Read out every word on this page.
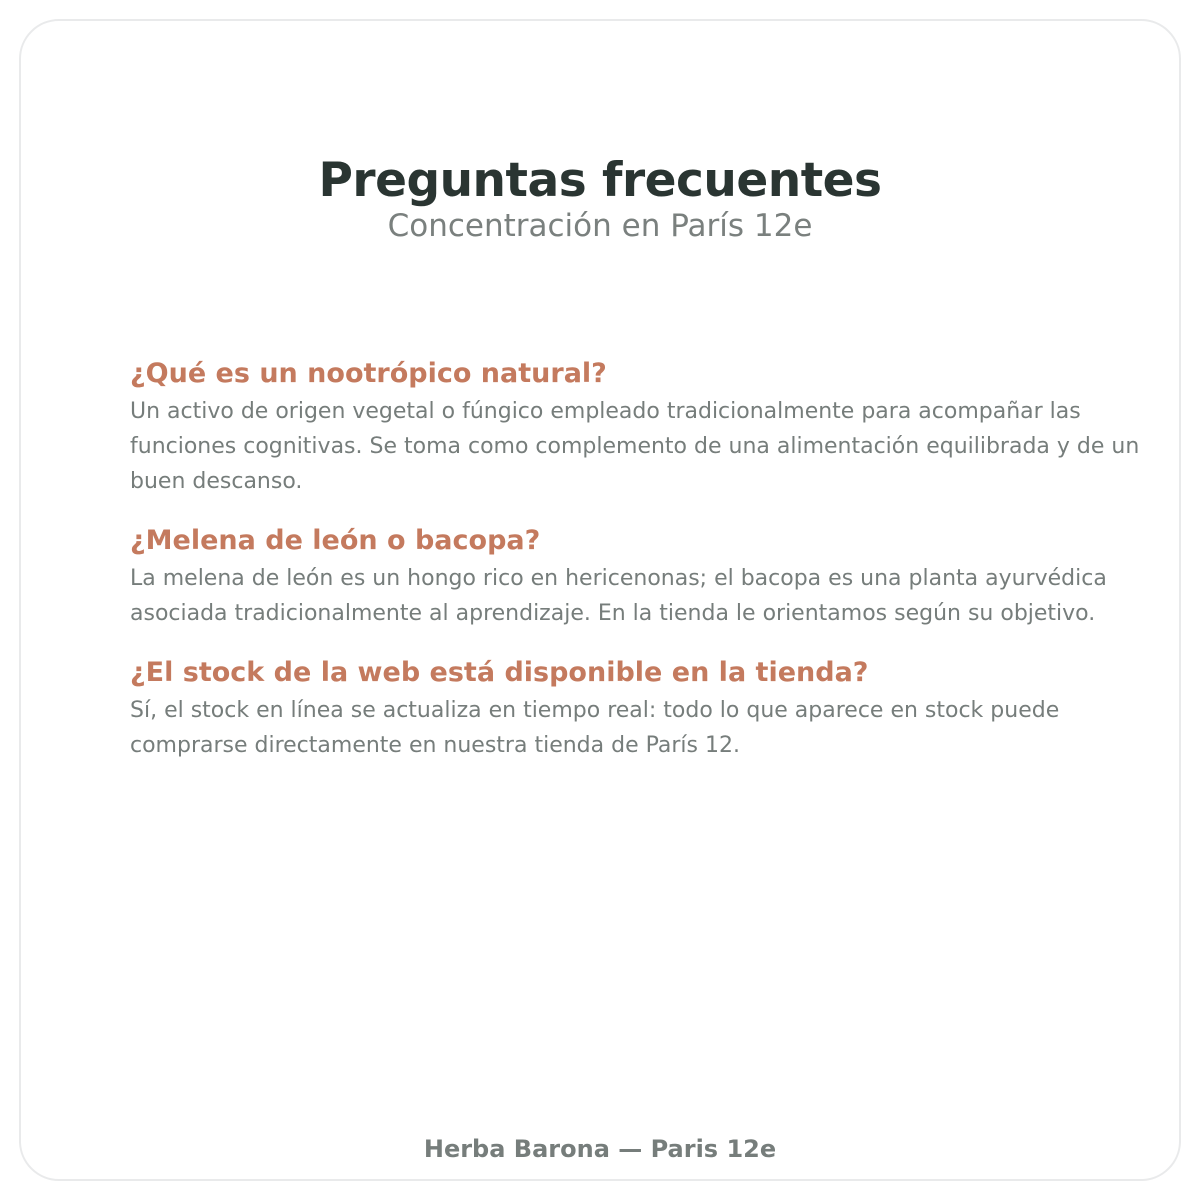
Preguntas frecuentes
Concentración en París 12e
¿Qué es un nootrópico natural?

Un activo de origen vegetal o fúngico empleado tradicionalmente para acompañar las funciones cognitivas. Se toma como complemento de una alimentación equilibrada y de un buen descanso.

¿Melena de león o bacopa?

La melena de león es un hongo rico en hericenonas; el bacopa es una planta ayurvédica asociada tradicionalmente al aprendizaje. En la tienda le orientamos según su objetivo.

¿El stock de la web está disponible en la tienda?

Sí, el stock en línea se actualiza en tiempo real: todo lo que aparece en stock puede comprarse directamente en nuestra tienda de París 12.

Herba Barona — Paris 12e
